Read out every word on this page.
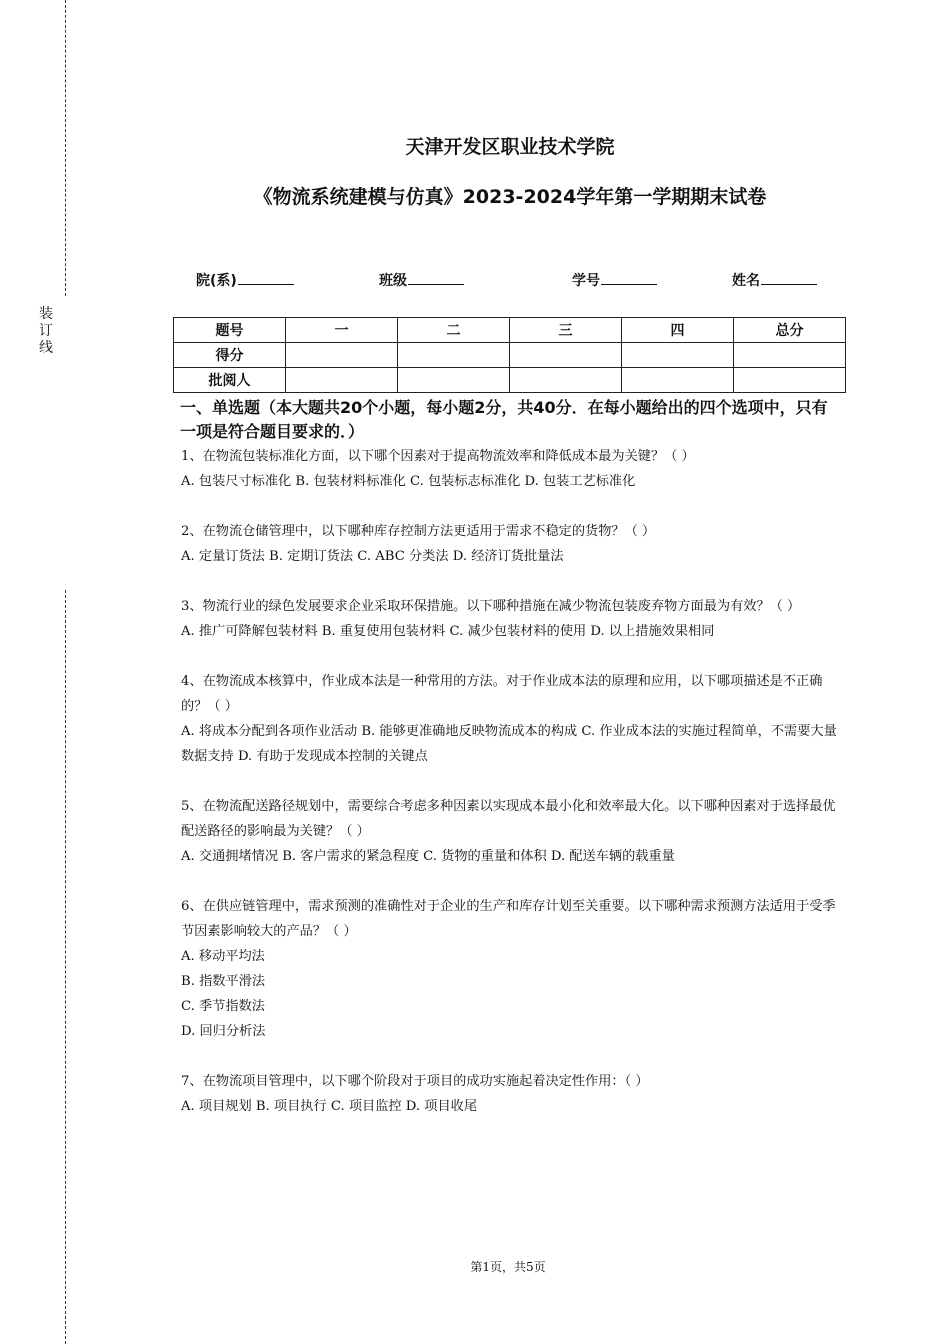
装订线
天津开发区职业技术学院
《物流系统建模与仿真》2023-2024学年第一学期期末试卷
院(系)	班级	学号	姓名
题号	一	二	三	四	总分
得分					
批阅人					
一、单选题（本大题共20个小题，每小题2分，共40分．在每小题给出的四个选项中，只有一项是符合题目要求的．）

1、在物流包装标准化方面，以下哪个因素对于提高物流效率和降低成本最为关键？（ ）

A. 包装尺寸标准化 B. 包装材料标准化 C. 包装标志标准化 D. 包装工艺标准化

2、在物流仓储管理中，以下哪种库存控制方法更适用于需求不稳定的货物？（ ）

A. 定量订货法 B. 定期订货法 C. ABC 分类法 D. 经济订货批量法

3、物流行业的绿色发展要求企业采取环保措施。以下哪种措施在减少物流包装废弃物方面最为有效？（ ）

A. 推广可降解包装材料 B. 重复使用包装材料 C. 减少包装材料的使用 D. 以上措施效果相同

4、在物流成本核算中，作业成本法是一种常用的方法。对于作业成本法的原理和应用，以下哪项描述是不正确的？（ ）

A. 将成本分配到各项作业活动 B. 能够更准确地反映物流成本的构成 C. 作业成本法的实施过程简单，不需要大量数据支持 D. 有助于发现成本控制的关键点

5、在物流配送路径规划中，需要综合考虑多种因素以实现成本最小化和效率最大化。以下哪种因素对于选择最优配送路径的影响最为关键？（ ）

A. 交通拥堵情况 B. 客户需求的紧急程度 C. 货物的重量和体积 D. 配送车辆的载重量

6、在供应链管理中，需求预测的准确性对于企业的生产和库存计划至关重要。以下哪种需求预测方法适用于受季节因素影响较大的产品？（ ）

A. 移动平均法

B. 指数平滑法

C. 季节指数法

D. 回归分析法

7、在物流项目管理中，以下哪个阶段对于项目的成功实施起着决定性作用：（ ）

A. 项目规划 B. 项目执行 C. 项目监控 D. 项目收尾

第1页，共5页
